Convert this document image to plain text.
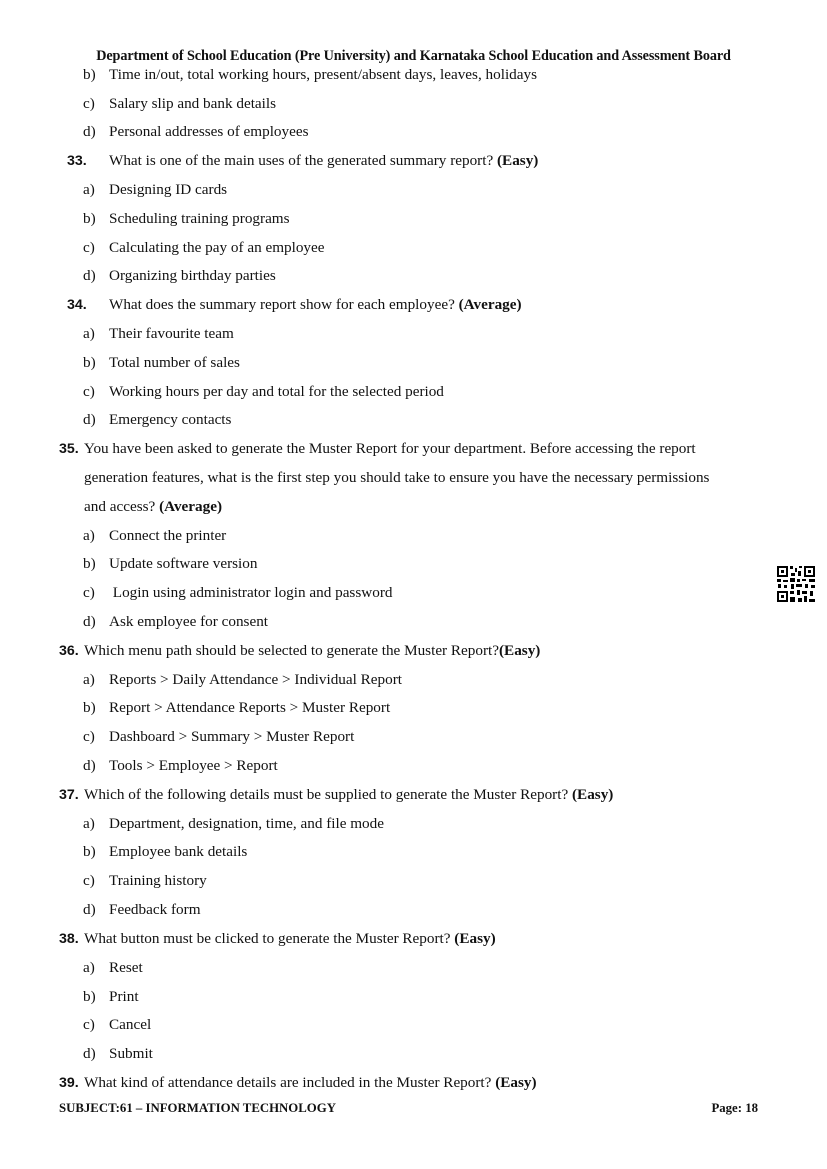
Department of School Education (Pre University) and Karnataka School Education and Assessment Board
b) Time in/out, total working hours, present/absent days, leaves, holidays
c) Salary slip and bank details
d) Personal addresses of employees
33. What is one of the main uses of the generated summary report? (Easy)
a) Designing ID cards
b) Scheduling training programs
c) Calculating the pay of an employee
d) Organizing birthday parties
34. What does the summary report show for each employee? (Average)
a) Their favourite team
b) Total number of sales
c) Working hours per day and total for the selected period
d) Emergency contacts
35. You have been asked to generate the Muster Report for your department. Before accessing the report
generation features, what is the first step you should take to ensure you have the necessary permissions
and access? (Average)
a) Connect the printer
b) Update software version
c) Login using administrator login and password
d) Ask employee for consent
36. Which menu path should be selected to generate the Muster Report?(Easy)
a) Reports > Daily Attendance > Individual Report
b) Report > Attendance Reports > Muster Report
c) Dashboard > Summary > Muster Report
d) Tools > Employee > Report
37. Which of the following details must be supplied to generate the Muster Report? (Easy)
a) Department, designation, time, and file mode
b) Employee bank details
c) Training history
d) Feedback form
38. What button must be clicked to generate the Muster Report? (Easy)
a) Reset
b) Print
c) Cancel
d) Submit
39. What kind of attendance details are included in the Muster Report? (Easy)
SUBJECT:61 – INFORMATION TECHNOLOGY	Page: 18
